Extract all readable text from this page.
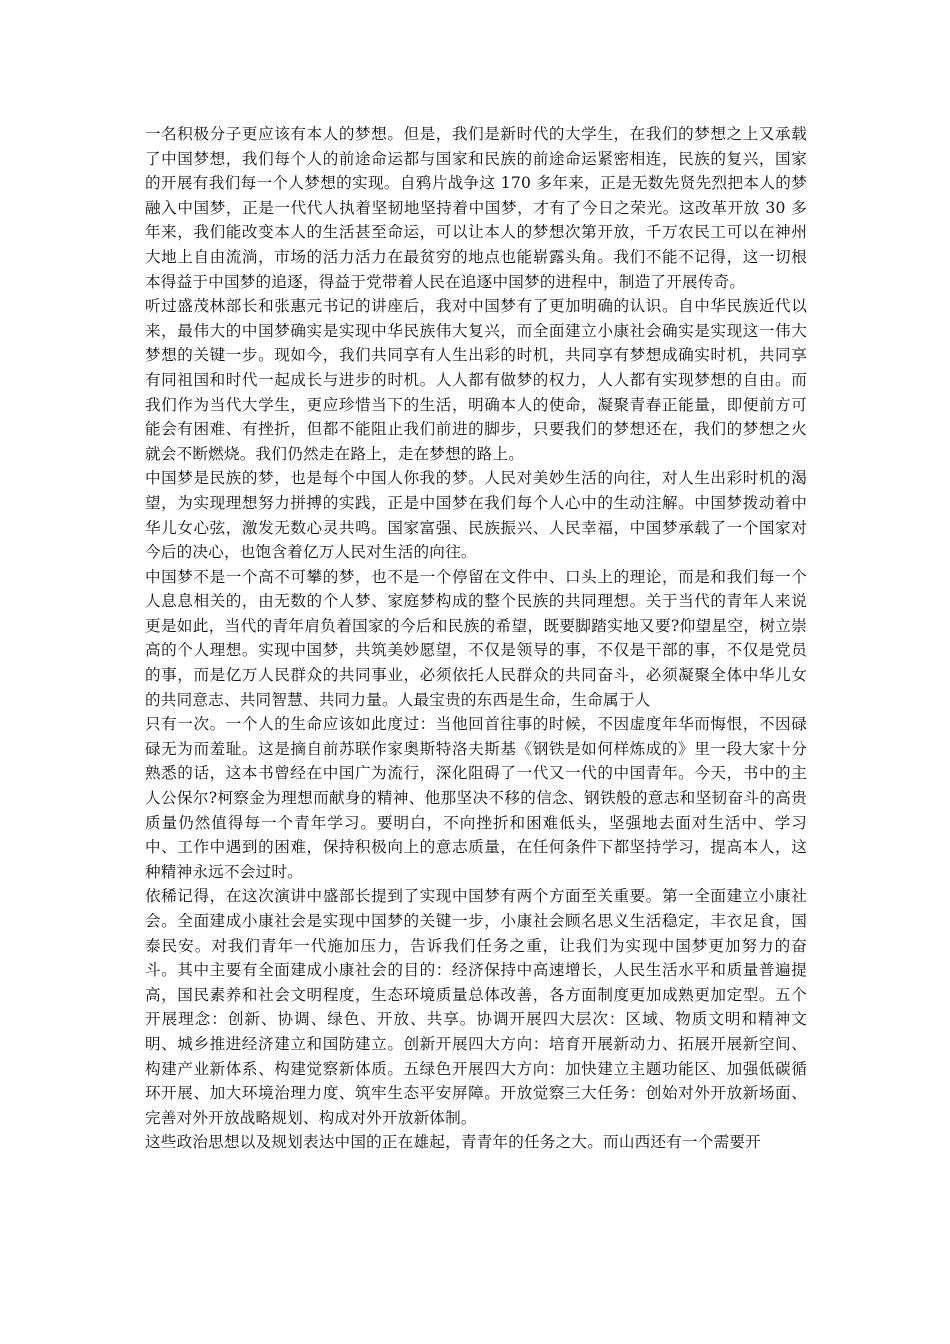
一名积极分子更应该有本人的梦想。但是，我们是新时代的大学生，在我们的梦想之上又承载了中国梦想，我们每个人的前途命运都与国家和民族的前途命运紧密相连，民族的复兴，国家的开展有我们每一个人梦想的实现。自鸦片战争这 170 多年来，正是无数先贤先烈把本人的梦融入中国梦，正是一代代人执着坚韧地坚持着中国梦，才有了今日之荣光。这改革开放 30 多年来，我们能改变本人的生活甚至命运，可以让本人的梦想次第开放，千万农民工可以在神州大地上自由流淌，市场的活力活力在最贫穷的地点也能崭露头角。我们不能不记得，这一切根本得益于中国梦的追逐，得益于党带着人民在追逐中国梦的进程中，制造了开展传奇。

听过盛茂林部长和张惠元书记的讲座后，我对中国梦有了更加明确的认识。自中华民族近代以来，最伟大的中国梦确实是实现中华民族伟大复兴，而全面建立小康社会确实是实现这一伟大梦想的关键一步。现如今，我们共同享有人生出彩的时机，共同享有梦想成确实时机，共同享有同祖国和时代一起成长与进步的时机。人人都有做梦的权力，人人都有实现梦想的自由。而我们作为当代大学生，更应珍惜当下的生活，明确本人的使命，凝聚青春正能量，即便前方可能会有困难、有挫折，但都不能阻止我们前进的脚步，只要我们的梦想还在，我们的梦想之火就会不断燃烧。我们仍然走在路上，走在梦想的路上。

中国梦是民族的梦，也是每个中国人你我的梦。人民对美妙生活的向往，对人生出彩时机的渴望，为实现理想努力拼搏的实践，正是中国梦在我们每个人心中的生动注解。中国梦拨动着中华儿女心弦，激发无数心灵共鸣。国家富强、民族振兴、人民幸福，中国梦承载了一个国家对今后的决心，也饱含着亿万人民对生活的向往。

中国梦不是一个高不可攀的梦，也不是一个停留在文件中、口头上的理论，而是和我们每一个人息息相关的，由无数的个人梦、家庭梦构成的整个民族的共同理想。关于当代的青年人来说更是如此，当代的青年肩负着国家的今后和民族的希望，既要脚踏实地又要?仰望星空，树立崇高的个人理想。实现中国梦，共筑美妙愿望，不仅是领导的事，不仅是干部的事，不仅是党员的事，而是亿万人民群众的共同事业，必须依托人民群众的共同奋斗，必须凝聚全体中华儿女的共同意志、共同智慧、共同力量。人最宝贵的东西是生命，生命属于人

只有一次。一个人的生命应该如此度过：当他回首往事的时候，不因虚度年华而悔恨，不因碌碌无为而羞耻。这是摘自前苏联作家奥斯特洛夫斯基《钢铁是如何样炼成的》里一段大家十分熟悉的话，这本书曾经在中国广为流行，深化阻碍了一代又一代的中国青年。今天，书中的主人公保尔?柯察金为理想而献身的精神、他那坚决不移的信念、钢铁般的意志和坚韧奋斗的高贵质量仍然值得每一个青年学习。要明白，不向挫折和困难低头，坚强地去面对生活中、学习中、工作中遇到的困难，保持积极向上的意志质量，在任何条件下都坚持学习，提高本人，这种精神永远不会过时。

依稀记得，在这次演讲中盛部长提到了实现中国梦有两个方面至关重要。第一全面建立小康社会。全面建成小康社会是实现中国梦的关键一步，小康社会顾名思义生活稳定，丰衣足食，国泰民安。对我们青年一代施加压力，告诉我们任务之重，让我们为实现中国梦更加努力的奋斗。其中主要有全面建成小康社会的目的：经济保持中高速增长，人民生活水平和质量普遍提高，国民素养和社会文明程度，生态环境质量总体改善，各方面制度更加成熟更加定型。五个开展理念：创新、协调、绿色、开放、共享。协调开展四大层次：区域、物质文明和精神文明、城乡推进经济建立和国防建立。创新开展四大方向：培育开展新动力、拓展开展新空间、构建产业新体系、构建觉察新体质。五绿色开展四大方向：加快建立主题功能区、加强低碳循环开展、加大环境治理力度、筑牢生态平安屏障。开放觉察三大任务：创始对外开放新场面、完善对外开放战略规划、构成对外开放新体制。

这些政治思想以及规划表达中国的正在雄起，青青年的任务之大。而山西还有一个需要开
